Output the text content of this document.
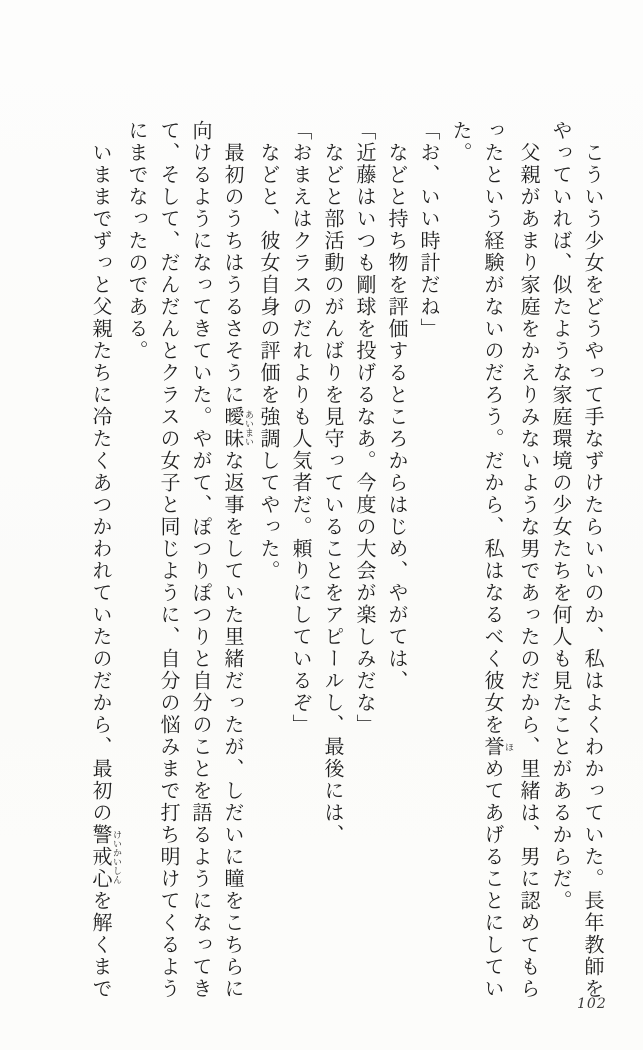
こういう少女をどうやって手なずけたらいいのか、私はよくわかっていた。長年教師を

やっていれば、似たような家庭環境の少女たちを何人も見たことがあるからだ。

父親があまり家庭をかえりみないような男であったのだから、里緒は、男に認めてもら

ったという経験がないのだろう。だから、私はなるべく彼女を誉ほめてあげることにしてい

た。

「お、いい時計だね」

などと持ち物を評価するところからはじめ、やがては、

「近藤はいつも剛球を投げるなあ。今度の大会が楽しみだな」

などと部活動のがんばりを見守っていることをアピールし、最後には、

「おまえはクラスのだれよりも人気者だ。頼りにしているぞ」

などと、彼女自身の評価を強調してやった。

最初のうちはうるさそうに曖昧あいまいな返事をしていた里緒だったが、しだいに瞳をこちらに

向けるようになってきていた。やがて、ぽつりぽつりと自分のことを語るようになってき

て、そして、だんだんとクラスの女子と同じように、自分の悩みまで打ち明けてくるよう

にまでなったのである。

いままでずっと父親たちに冷たくあつかわれていたのだから、最初の警戒心けいかいしんを解くまで

102
